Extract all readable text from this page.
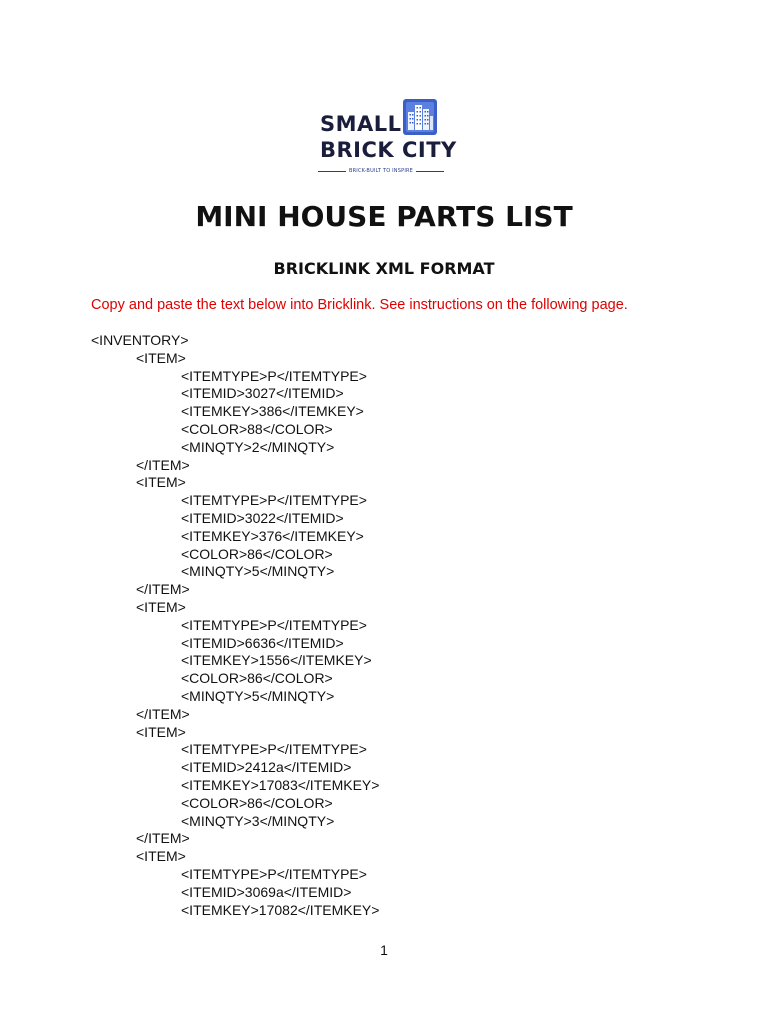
SMALL
BRICK CITY
BRICK-BUILT TO INSPIRE
MINI HOUSE PARTS LIST
BRICKLINK XML FORMAT

Copy and paste the text below into Bricklink. See instructions on the following page.

<INVENTORY>
<ITEM>
<ITEMTYPE>P</ITEMTYPE>
<ITEMID>3027</ITEMID>
<ITEMKEY>386</ITEMKEY>
<COLOR>88</COLOR>
<MINQTY>2</MINQTY>
</ITEM>
<ITEM>
<ITEMTYPE>P</ITEMTYPE>
<ITEMID>3022</ITEMID>
<ITEMKEY>376</ITEMKEY>
<COLOR>86</COLOR>
<MINQTY>5</MINQTY>
</ITEM>
<ITEM>
<ITEMTYPE>P</ITEMTYPE>
<ITEMID>6636</ITEMID>
<ITEMKEY>1556</ITEMKEY>
<COLOR>86</COLOR>
<MINQTY>5</MINQTY>
</ITEM>
<ITEM>
<ITEMTYPE>P</ITEMTYPE>
<ITEMID>2412a</ITEMID>
<ITEMKEY>17083</ITEMKEY>
<COLOR>86</COLOR>
<MINQTY>3</MINQTY>
</ITEM>
<ITEM>
<ITEMTYPE>P</ITEMTYPE>
<ITEMID>3069a</ITEMID>
<ITEMKEY>17082</ITEMKEY>
1
